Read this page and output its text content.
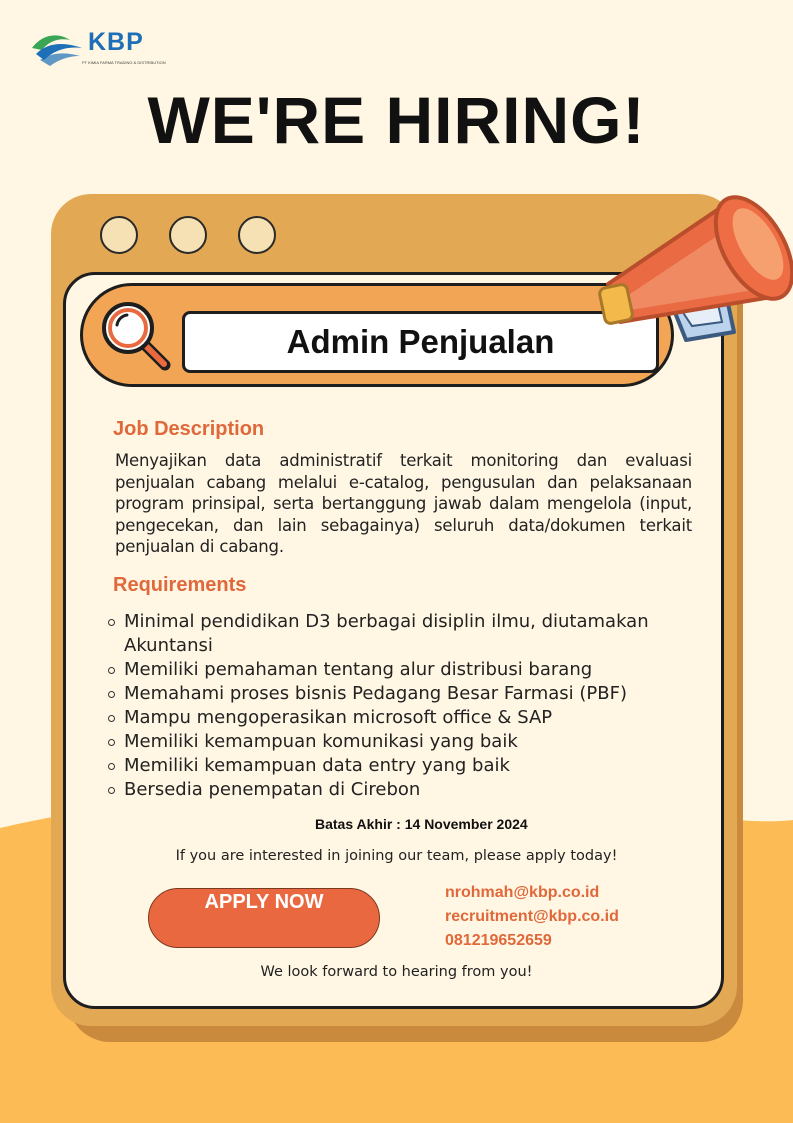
KBP
PT KIMIA FARMA TRADING & DISTRIBUTION
WE'RE HIRING!
Admin Penjualan
Job Description
Menyajikan data administratif terkait monitoring dan evaluasi penjualan cabang melalui e-catalog, pengusulan dan pelaksanaan program prinsipal, serta bertanggung jawab dalam mengelola (input, pengecekan, dan lain sebagainya) seluruh data/dokumen terkait penjualan di cabang.
Requirements
Minimal pendidikan D3 berbagai disiplin ilmu, diutamakan Akuntansi
Memiliki pemahaman tentang alur distribusi barang
Memahami proses bisnis Pedagang Besar Farmasi (PBF)
Mampu mengoperasikan microsoft office & SAP
Memiliki kemampuan komunikasi yang baik
Memiliki kemampuan data entry yang baik
Bersedia penempatan di Cirebon
Batas Akhir : 14 November 2024
If you are interested in joining our team, please apply today!
APPLY NOW	nrohmah@kbp.co.id
recruitment@kbp.co.id
081219652659
We look forward to hearing from you!
